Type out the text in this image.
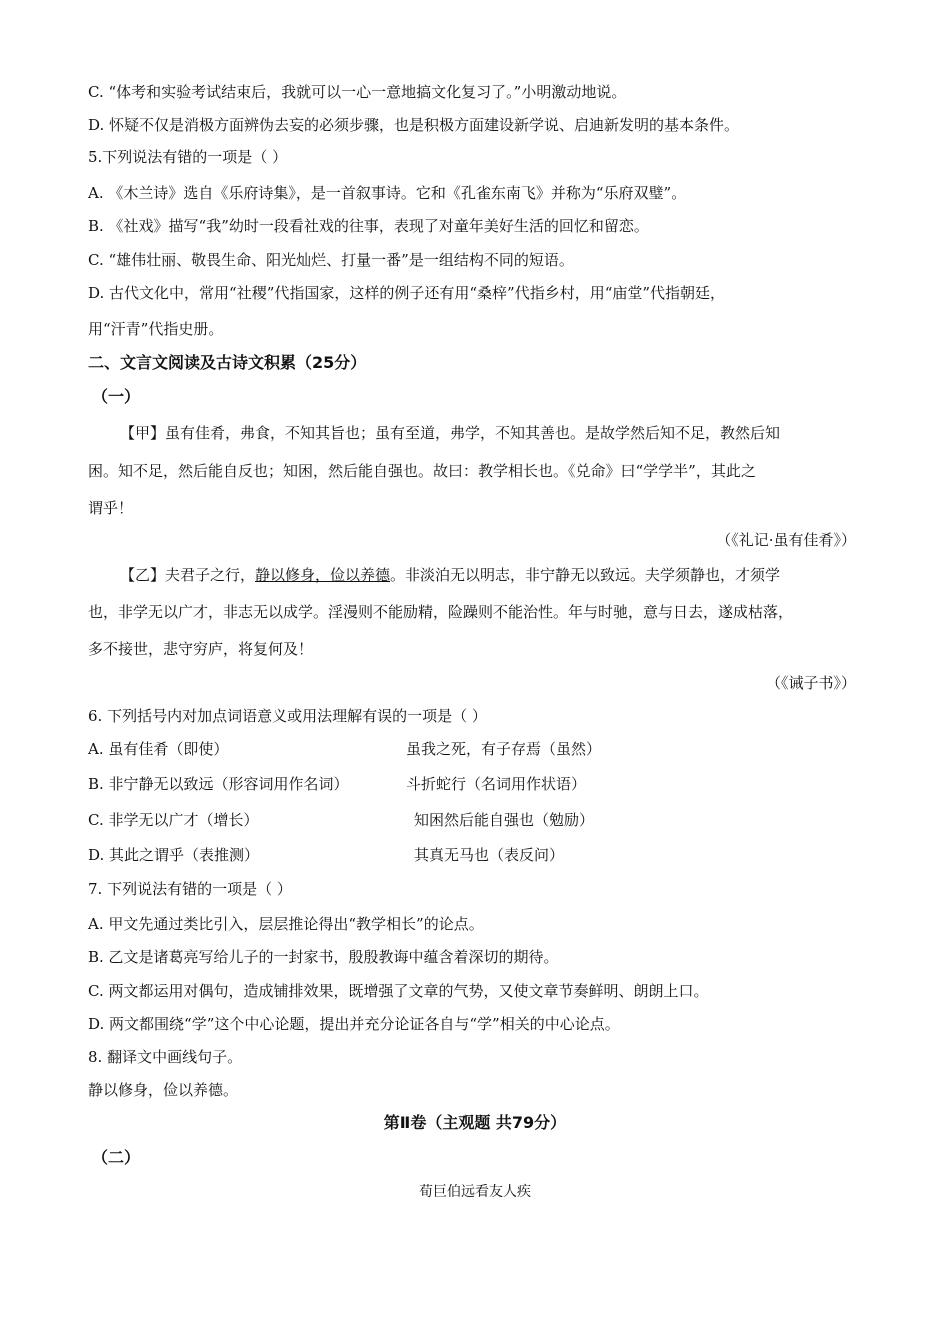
C. “体考和实验考试结束后，我就可以一心一意地搞文化复习了。”小明激动地说。
D. 怀疑不仅是消极方面辨伪去妄的必须步骤，也是积极方面建设新学说、启迪新发明的基本条件。
5.下列说法有错的一项是（ ）
A. 《木兰诗》选自《乐府诗集》，是一首叙事诗。它和《孔雀东南飞》并称为“乐府双璧”。
B. 《社戏》描写“我”幼时一段看社戏的往事，表现了对童年美好生活的回忆和留恋。
C. “雄伟壮丽、敬畏生命、阳光灿烂、打量一番”是一组结构不同的短语。
D. 古代文化中，常用“社稷”代指国家，这样的例子还有用“桑梓”代指乡村，用“庙堂”代指朝廷，
用“汗青”代指史册。
二、文言文阅读及古诗文积累（25分）
（一）
【甲】虽有佳肴，弗食，不知其旨也；虽有至道，弗学，不知其善也。是故学然后知不足，教然后知
困。知不足，然后能自反也；知困，然后能自强也。故曰：教学相长也。《兑命》曰“学学半”，其此之
谓乎！
（《礼记·虽有佳肴》）
【乙】夫君子之行，静以修身，俭以养德。非淡泊无以明志，非宁静无以致远。夫学须静也，才须学
也，非学无以广才，非志无以成学。淫漫则不能励精，险躁则不能治性。年与时驰，意与日去，遂成枯落，
多不接世，悲守穷庐，将复何及！
（《诫子书》）
6. 下列括号内对加点词语意义或用法理解有误的一项是（ ）
A. 虽有佳肴（即使）	虽我之死，有子存焉（虽然）
B. 非宁静无以致远（形容词用作名词）	斗折蛇行（名词用作状语）
C. 非学无以广才（增长）	知困然后能自强也（勉励）
D. 其此之谓乎（表推测）	其真无马也（表反问）
7. 下列说法有错的一项是（ ）
A. 甲文先通过类比引入，层层推论得出“教学相长”的论点。
B. 乙文是诸葛亮写给儿子的一封家书，殷殷教诲中蕴含着深切的期待。
C. 两文都运用对偶句，造成铺排效果，既增强了文章的气势，又使文章节奏鲜明、朗朗上口。
D. 两文都围绕“学”这个中心论题，提出并充分论证各自与“学”相关的中心论点。
8. 翻译文中画线句子。
静以修身，俭以养德。
第Ⅱ卷（主观题 共79分）
（二）
荀巨伯远看友人疾
